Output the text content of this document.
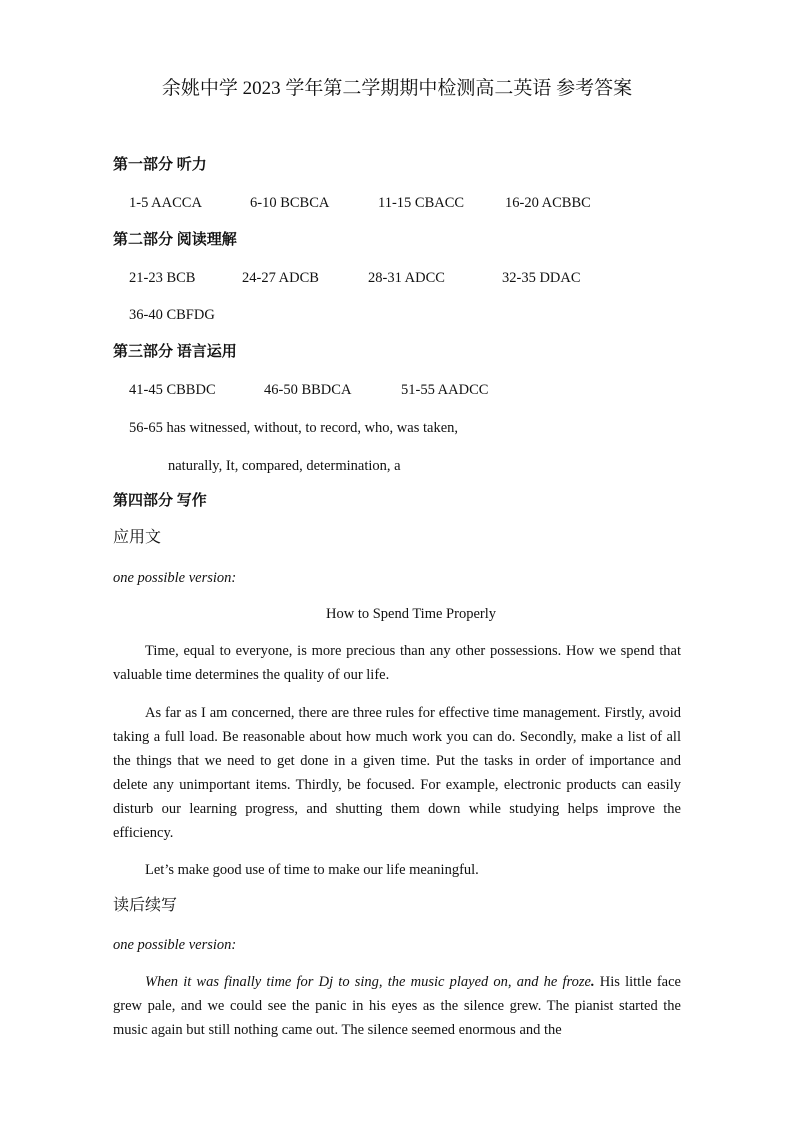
余姚中学 2023 学年第二学期期中检测高二英语 参考答案
第一部分 听力
1-5 AACCA	6-10 BCBCA	11-15 CBACC	16-20 ACBBC
第二部分 阅读理解
21-23 BCB	24-27 ADCB	28-31 ADCC	32-35 DDAC
36-40 CBFDG
第三部分 语言运用
41-45 CBBDC	46-50 BBDCA	51-55 AADCC
56-65 has witnessed, without, to record, who, was taken,
naturally, It, compared, determination, a
第四部分 写作
应用文
one possible version:
How to Spend Time Properly

Time, equal to everyone, is more precious than any other possessions. How we spend that valuable time determines the quality of our life.

As far as I am concerned, there are three rules for effective time management. Firstly, avoid taking a full load. Be reasonable about how much work you can do. Secondly, make a list of all the things that we need to get done in a given time. Put the tasks in order of importance and delete any unimportant items. Thirdly, be focused. For example, electronic products can easily disturb our learning progress, and shutting them down while studying helps improve the efficiency.

Let’s make good use of time to make our life meaningful.

读后续写
one possible version:

When it was finally time for Dj to sing, the music played on, and he froze. His little face grew pale, and we could see the panic in his eyes as the silence grew. The pianist started the music again but still nothing came out. The silence seemed enormous and the
